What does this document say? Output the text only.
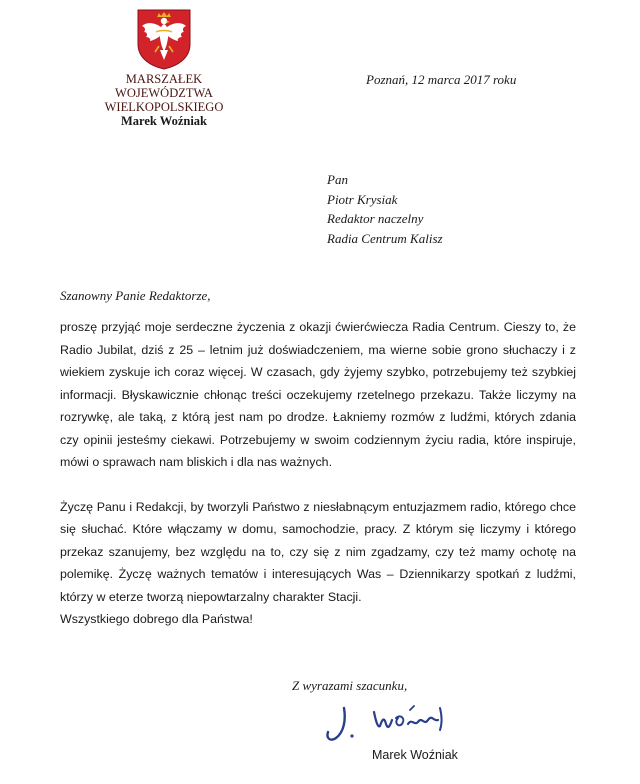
MARSZAŁEK
WOJEWÓDZTWA WIELKOPOLSKIEGO
Marek Woźniak
Poznań, 12 marca 2017 roku
Pan
Piotr Krysiak
Redaktor naczelny
Radia Centrum Kalisz
Szanowny Panie Redaktorze,

proszę przyjąć moje serdeczne życzenia z okazji ćwierćwiecza Radia Centrum. Cieszy to, że Radio Jubilat, dziś z 25 – letnim już doświadczeniem, ma wierne sobie grono słuchaczy i z wiekiem zyskuje ich coraz więcej. W czasach, gdy żyjemy szybko, potrzebujemy też szybkiej informacji. Błyskawicznie chłonąc treści oczekujemy rzetelnego przekazu. Także liczymy na rozrywkę, ale taką, z którą jest nam po drodze. Łakniemy rozmów z ludźmi, których zdania czy opinii jesteśmy ciekawi. Potrzebujemy w swoim codziennym życiu radia, które inspiruje, mówi o sprawach nam bliskich i dla nas ważnych.

Życzę Panu i Redakcji, by tworzyli Państwo z niesłabnącym entuzjazmem radio, którego chce się słuchać. Które włączamy w domu, samochodzie, pracy. Z którym się liczymy i którego przekaz szanujemy, bez względu na to, czy się z nim zgadzamy, czy też mamy ochotę na polemikę. Życzę ważnych tematów i interesujących Was – Dziennikarzy spotkań z ludźmi, którzy w eterze tworzą niepowtarzalny charakter Stacji.

Wszystkiego dobrego dla Państwa!

Z wyrazami szacunku,
Marek Woźniak
